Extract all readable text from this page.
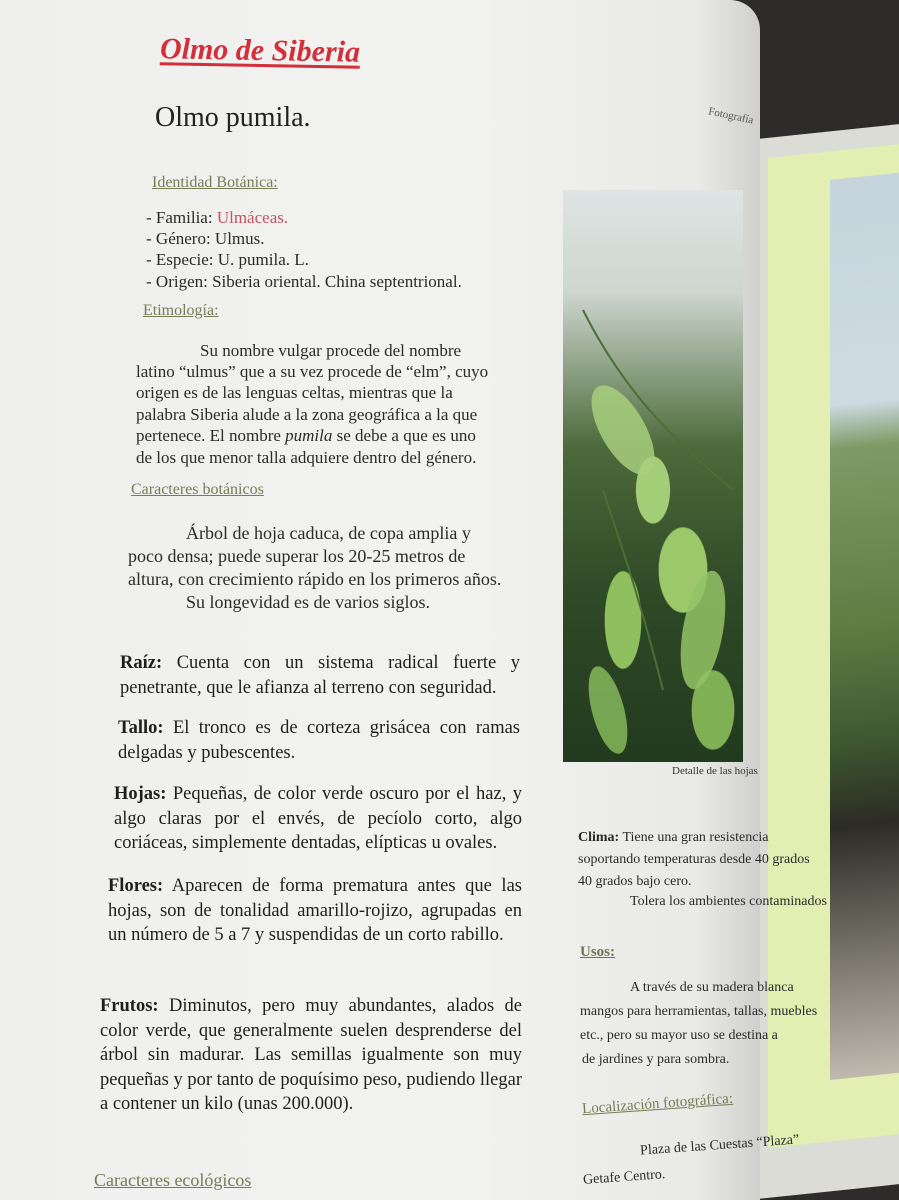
Olmo de Siberia
Olmo pumila.
Identidad Botánica:

- Familia: Ulmáceas.

- Género: Ulmus.

- Especie: U. pumila. L.

- Origen: Siberia oriental. China septentrional.

Etimología:

Su nombre vulgar procede del nombre

latino “ulmus” que a su vez procede de “elm”, cuyo

origen es de las lenguas celtas, mientras que la

palabra Siberia alude a la zona geográfica a la que

pertenece. El nombre pumila se debe a que es uno

de los que menor talla adquiere dentro del género.

Caracteres botánicos

Árbol de hoja caduca, de copa amplia y

poco densa; puede superar los 20-25 metros de

altura, con crecimiento rápido en los primeros años.

Su longevidad es de varios siglos.

Raíz: Cuenta con un sistema radical fuerte y penetrante, que le afianza al terreno con seguridad.

Tallo: El tronco es de corteza grisácea con ramas delgadas y pubescentes.

Hojas: Pequeñas, de color verde oscuro por el haz, y algo claras por el envés, de pecíolo corto, algo coriáceas, simplemente dentadas, elípticas u ovales.

Flores: Aparecen de forma prematura antes que las hojas, son de tonalidad amarillo-rojizo, agrupadas en un número de 5 a 7 y suspendidas de un corto rabillo.

Frutos: Diminutos, pero muy abundantes, alados de color verde, que generalmente suelen desprenderse del árbol sin madurar. Las semillas igualmente son muy pequeñas y por tanto de poquísimo peso, pudiendo llegar a contener un kilo (unas 200.000).

Caracteres ecológicos
Detalle de las hojas

Clima: Tiene una gran resistencia

soportando temperaturas desde 40 grados

40 grados bajo cero.

Tolera los ambientes contaminados

Usos:

A través de su madera blanca

mangos para herramientas, tallas, muebles

etc., pero su mayor uso se destina a

de jardines y para sombra.

Localización fotográfica:

Plaza de las Cuestas “Plaza”

Getafe Centro.

Fotografía
